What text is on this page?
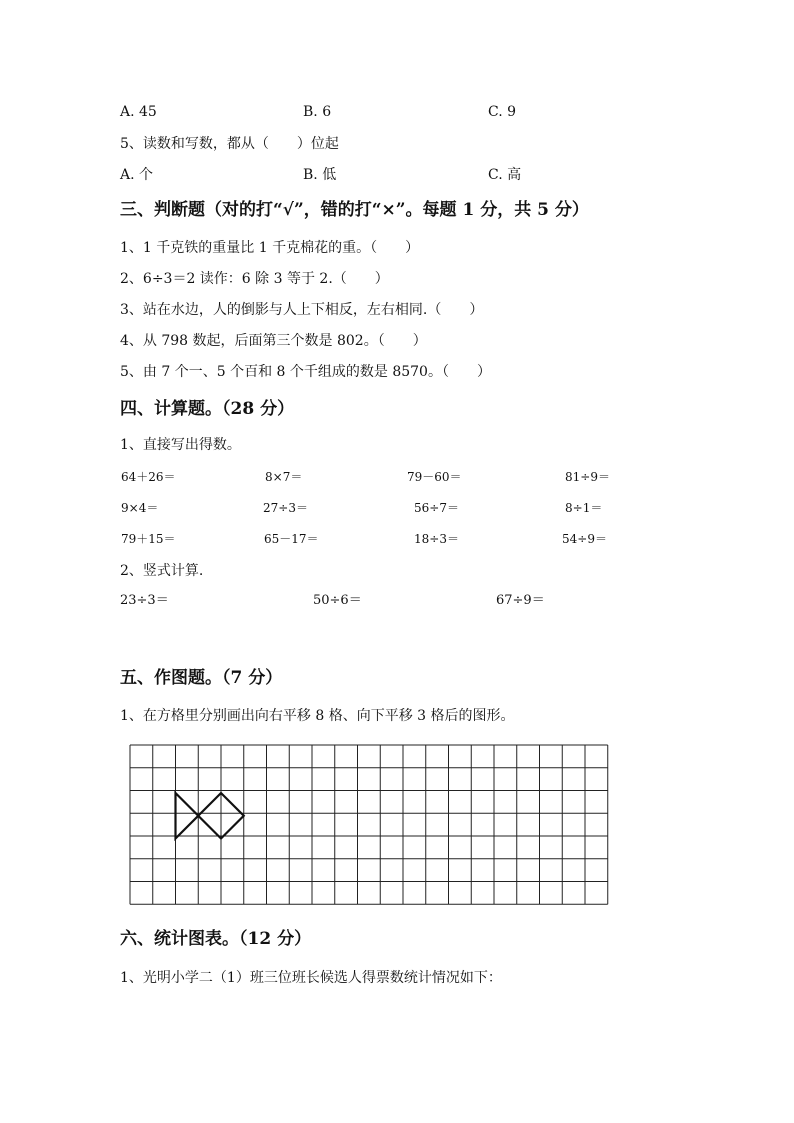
A. 45	B. 6	C. 9
5、读数和写数，都从（　　）位起
A. 个	B. 低	C. 高
三、判断题（对的打“√”，错的打“×”。每题 1 分，共 5 分）
1、1 千克铁的重量比 1 千克棉花的重。（　　）
2、6÷3＝2 读作：6 除 3 等于 2.（　　）
3、站在水边，人的倒影与人上下相反，左右相同.（　　）
4、从 798 数起，后面第三个数是 802。（　　）
5、由 7 个一、5 个百和 8 个千组成的数是 8570。（　　）
四、计算题。（28 分）
1、直接写出得数。
64＋26＝	8×7＝	79－60＝	81÷9＝
9×4＝	27÷3＝	56÷7＝	8÷1＝
79＋15＝	65－17＝	18÷3＝	54÷9＝
2、竖式计算.
23÷3＝	50÷6＝	67÷9＝
五、作图题。（7 分）
1、在方格里分别画出向右平移 8 格、向下平移 3 格后的图形。
六、统计图表。（12 分）
1、光明小学二（1）班三位班长候选人得票数统计情况如下：
